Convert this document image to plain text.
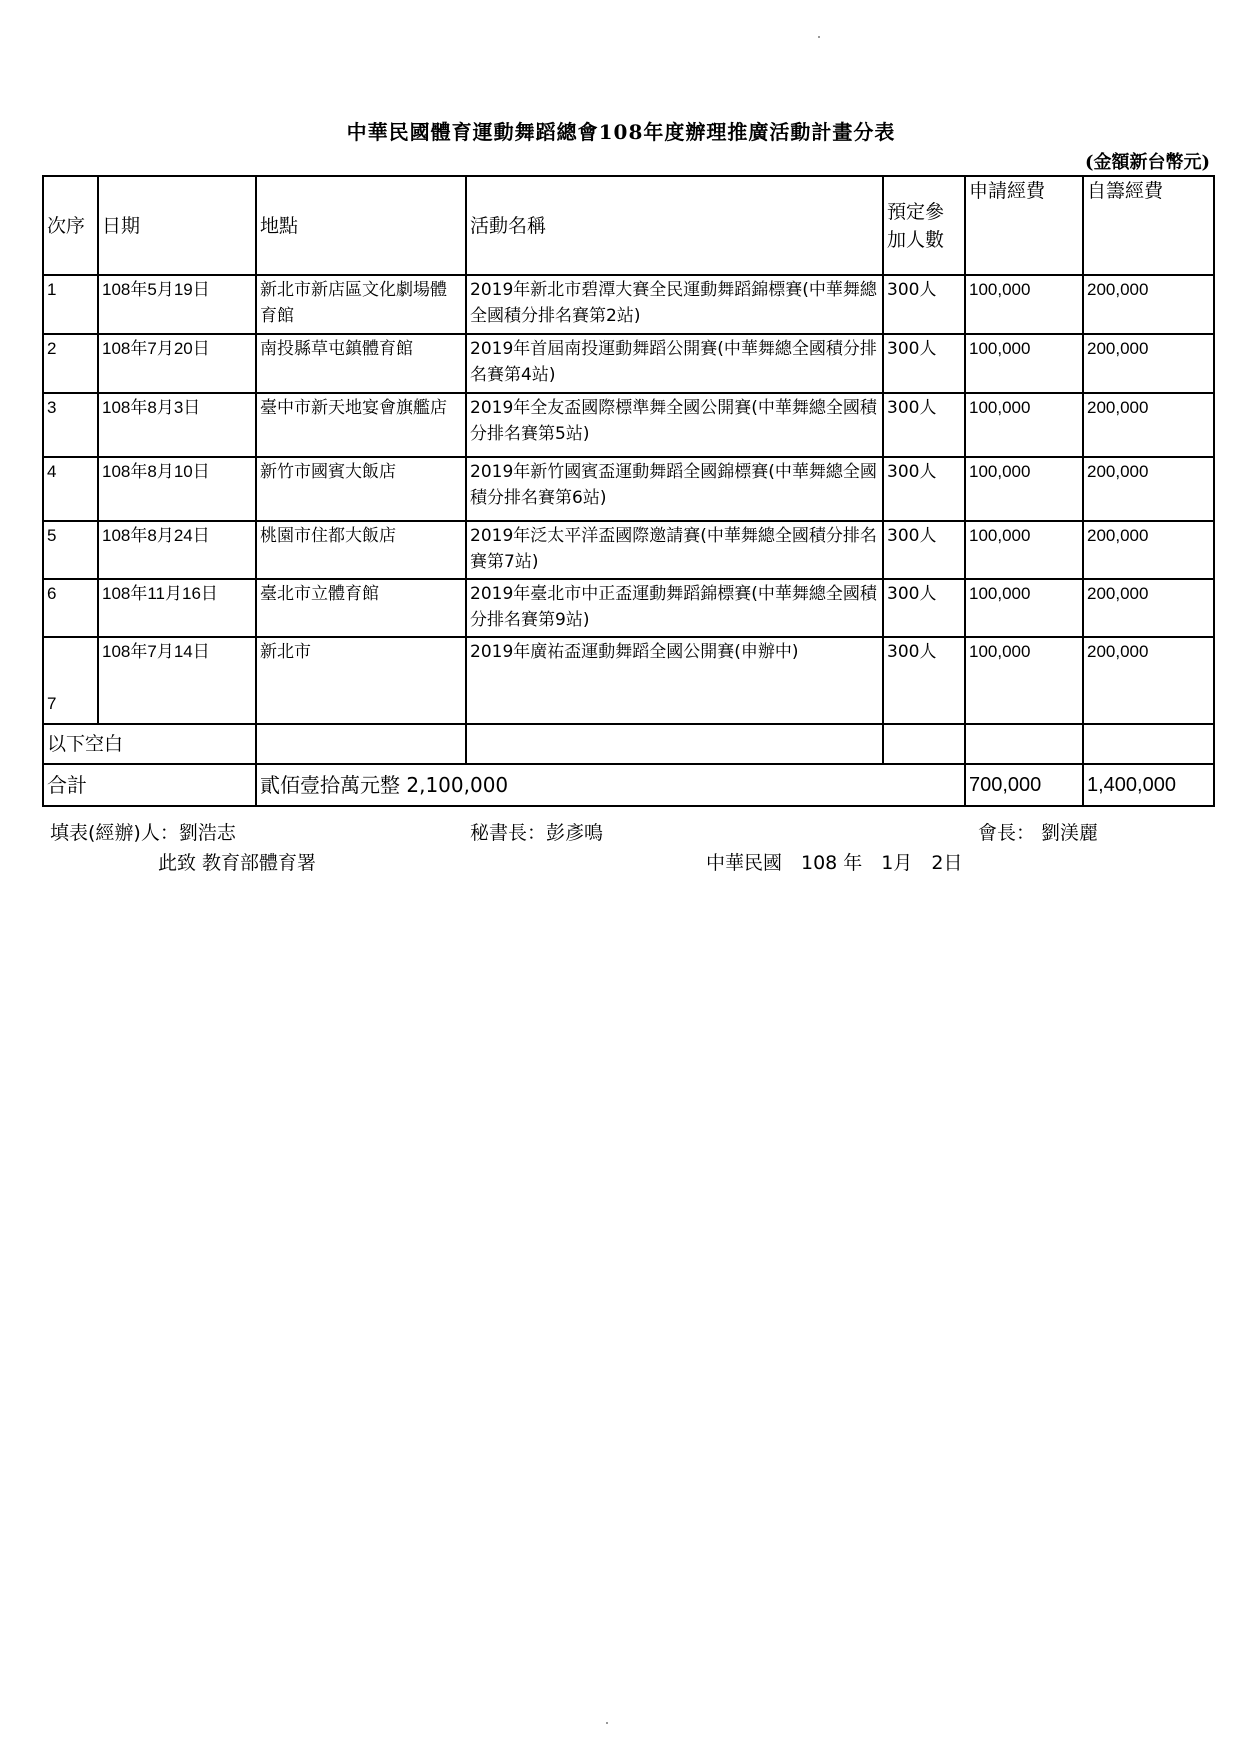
中華民國體育運動舞蹈總會108年度辦理推廣活動計畫分表
(金額新台幣元)
次序	日期	地點	活動名稱	預定參加人數	申請經費	自籌經費
1	108年5月19日	新北市新店區文化劇場體育館	2019年新北市碧潭大賽全民運動舞蹈錦標賽(中華舞總全國積分排名賽第2站)	300人	100,000	200,000
2	108年7月20日	南投縣草屯鎮體育館	2019年首屆南投運動舞蹈公開賽(中華舞總全國積分排名賽第4站)	300人	100,000	200,000
3	108年8月3日	臺中市新天地宴會旗艦店	2019年全友盃國際標準舞全國公開賽(中華舞總全國積分排名賽第5站)	300人	100,000	200,000
4	108年8月10日	新竹市國賓大飯店	2019年新竹國賓盃運動舞蹈全國錦標賽(中華舞總全國積分排名賽第6站)	300人	100,000	200,000
5	108年8月24日	桃園市住都大飯店	2019年泛太平洋盃國際邀請賽(中華舞總全國積分排名賽第7站)	300人	100,000	200,000
6	108年11月16日	臺北市立體育館	2019年臺北市中正盃運動舞蹈錦標賽(中華舞總全國積分排名賽第9站)	300人	100,000	200,000
7	108年7月14日	新北市	2019年廣祐盃運動舞蹈全國公開賽(申辦中)	300人	100,000	200,000
以下空白						
合計		貳佰壹拾萬元整 2,100,000			700,000	1,400,000
填表(經辦)人：劉浩志	秘書長：彭彥鳴	會長： 劉渼麗
此致 教育部體育署	中華民國　108 年　1月　2日
